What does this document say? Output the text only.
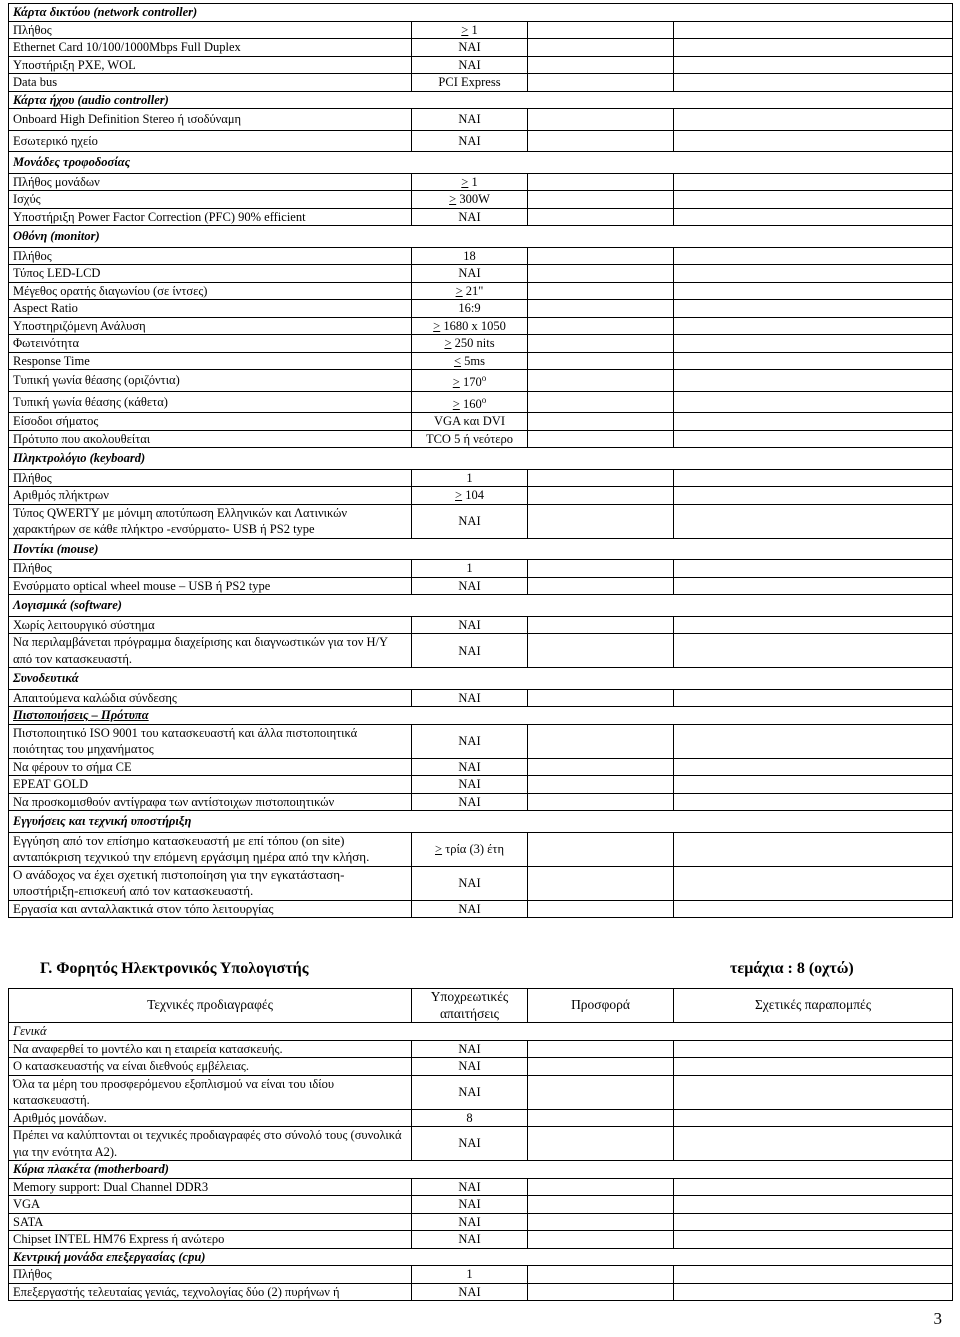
Κάρτα δικτύου (network controller)			
Πλήθος	≥ 1		
Ethernet Card 10/100/1000Mbps Full Duplex	ΝΑΙ		
Υποστήριξη PXE, WOL	ΝΑΙ		
Data bus	PCI Express		
Κάρτα ήχου (audio controller)			
Onboard High Definition Stereo ή ισοδύναμη	ΝΑΙ		
Εσωτερικό ηχείο	ΝΑΙ		
Μονάδες τροφοδοσίας			
Πλήθος μονάδων	≥ 1		
Ισχύς	≥ 300W		
Υποστήριξη Power Factor Correction (PFC) 90% efficient	ΝΑΙ		
Οθόνη (monitor)			
Πλήθος	18		
Τύπος LED-LCD	ΝΑΙ		
Μέγεθος ορατής διαγωνίου (σε ίντσες)	≥ 21"		
Aspect Ratio	16:9		
Υποστηριζόμενη Ανάλυση	≥ 1680 x 1050		
Φωτεινότητα	≥ 250 nits		
Response Time	≤ 5ms		
Τυπική γωνία θέασης (οριζόντια)	≥ $170^o$		
Τυπική γωνία θέασης (κάθετα)	≥ $160^o$		
Είσοδοι σήματος	VGA και DVI		
Πρότυπο που ακολουθείται	TCO 5 ή νεότερο		
Πληκτρολόγιο (keyboard)			
Πλήθος	1		
Αριθμός πλήκτρων	≥ 104		
Τύπος QWERTY με μόνιμη αποτύπωση Ελληνικών και Λατινικών χαρακτήρων σε κάθε πλήκτρο -ενσύρματο- USB ή PS2 type	ΝΑΙ		
Ποντίκι (mouse)			
Πλήθος	1		
Ενσύρματο optical wheel mouse – USB ή PS2 type	ΝΑΙ		
Λογισμικά (software)			
Χωρίς λειτουργικό σύστημα	ΝΑΙ		
Να περιλαμβάνεται πρόγραμμα διαχείρισης και διαγνωστικών για τον Η/Υ από τον κατασκευαστή.	ΝΑΙ		
Συνοδευτικά			
Απαιτούμενα καλώδια σύνδεσης	ΝΑΙ		
Πιστοποιήσεις – Πρότυπα			
Πιστοποιητικό ISO 9001 του κατασκευαστή και άλλα πιστοποιητικά ποιότητας του μηχανήματος	ΝΑΙ		
Να φέρουν το σήμα CE	ΝΑΙ		
EPEAT GOLD	ΝΑΙ		
Να προσκομισθούν αντίγραφα των αντίστοιχων πιστοποιητικών	ΝΑΙ		
Εγγυήσεις και τεχνική υποστήριξη			
Εγγύηση από τον επίσημο κατασκευαστή με επί τόπου (on site) ανταπόκριση τεχνικού την επόμενη εργάσιμη ημέρα από την κλήση.	> τρία (3) έτη		
Ο ανάδοχος να έχει σχετική πιστοποίηση για την εγκατάσταση-υποστήριξη-επισκευή από τον κατασκευαστή.	ΝΑΙ		
Εργασία και ανταλλακτικά στον τόπο λειτουργίας	ΝΑΙ		
Γ. Φορητός Ηλεκτρονικός Υπολογιστής	τεμάχια : 8 (οχτώ)
Τεχνικές προδιαγραφές	Υποχρεωτικές απαιτήσεις	Προσφορά	Σχετικές παραπομπές
Γενικά			
Να αναφερθεί το μοντέλο και η εταιρεία κατασκευής.	ΝΑΙ		
Ο κατασκευαστής να είναι διεθνούς εμβέλειας.	ΝΑΙ		
Όλα τα μέρη του προσφερόμενου εξοπλισμού να είναι του ιδίου κατασκευαστή.	ΝΑΙ		
Αριθμός μονάδων.	8		
Πρέπει να καλύπτονται οι τεχνικές προδιαγραφές στο σύνολό τους (συνολικά για την ενότητα Α2).	ΝΑΙ		
Κύρια πλακέτα (motherboard)			
Memory support: Dual Channel DDR3	ΝΑΙ		
VGA	ΝΑΙ		
SATA	ΝΑΙ		
Chipset INTEL HM76 Express ή ανώτερο	ΝΑΙ		
Κεντρική μονάδα επεξεργασίας (cpu)			
Πλήθος	1		
Επεξεργαστής τελευταίας γενιάς, τεχνολογίας δύο (2) πυρήνων ή	ΝΑΙ		
3
